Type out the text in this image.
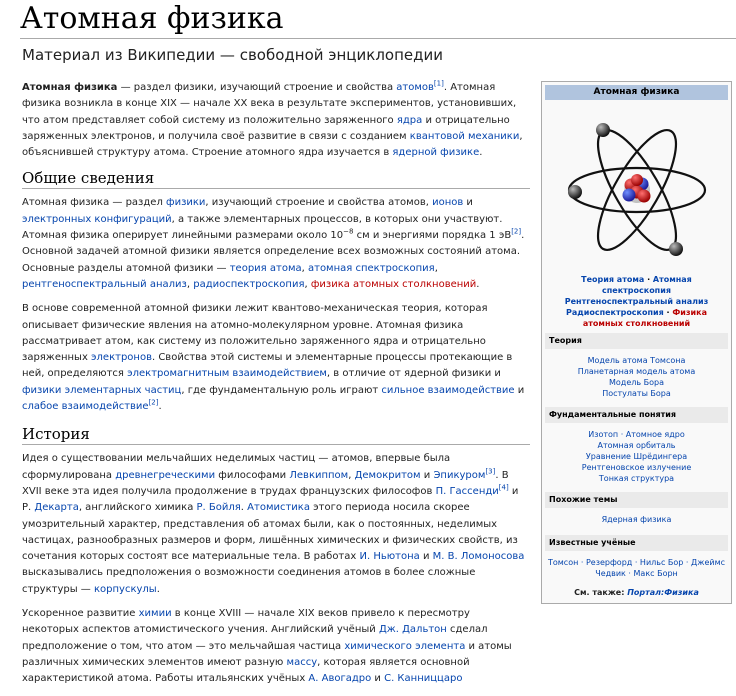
Атомная физика
Материал из Википедии — свободной энциклопедии

Атомная физика — раздел физики, изучающий строение и свойства атомов[1]. Атомная физика возникла в конце XIX — начале XX века в результате экспериментов, установивших, что атом представляет собой систему из положительно заряженного ядра и отрицательно заряженных электронов, и получила своё развитие в связи с созданием квантовой механики, объяснившей структуру атома. Строение атомного ядра изучается в ядерной физике.

Общие сведения

Атомная физика — раздел физики, изучающий строение и свойства атомов, ионов и электронных конфигураций, а также элементарных процессов, в которых они участвуют. Атомная физика оперирует линейными размерами около $10^{-8}$ см и энергиями порядка 1 эВ[2]. Основной задачей атомной физики является определение всех возможных состояний атома. Основные разделы атомной физики — теория атома, атомная спектроскопия, рентгеноспектральный анализ, радиоспектроскопия, физика атомных столкновений.

В основе современной атомной физики лежит квантово-механическая теория, которая описывает физические явления на атомно-молекулярном уровне. Атомная физика рассматривает атом, как систему из положительно заряженного ядра и отрицательно заряженных электронов. Свойства этой системы и элементарные процессы протекающие в ней, определяются электромагнитным взаимодействием, в отличие от ядерной физики и физики элементарных частиц, где фундаментальную роль играют сильное взаимодействие и слабое взаимодействие[2].

История

Идея о существовании мельчайших неделимых частиц — атомов, впервые была сформулирована древнегреческими философами Левкиппом, Демокритом и Эпикуром[3]. В XVII веке эта идея получила продолжение в трудах французских философов П. Гассенди[4] и Р. Декарта, английского химика Р. Бойля. Атомистика этого периода носила скорее умозрительный характер, представления об атомах были, как о постоянных, неделимых частицах, разнообразных размеров и форм, лишённых химических и физических свойств, из сочетания которых состоят все материальные тела. В работах И. Ньютона и М. В. Ломоносова высказывались предположения о возможности соединения атомов в более сложные структуры — корпускулы.

Ускоренное развитие химии в конце XVIII — начале XIX веков привело к пересмотру некоторых аспектов атомистического учения. Английский учёный Дж. Дальтон сделал предположение о том, что атом — это мельчайшая частица химического элемента и атомы различных химических элементов имеют разную массу, которая является основной характеристикой атома. Работы итальянских учёных А. Авогадро и С. Канниццаро

Атомная физика
Теория атома · Атомная спектроскопия
Рентгеноспектральный анализ
Радиоспектроскопия · Физика атомных столкновений
Теория
Модель атома Томсона
Планетарная модель атома
Модель Бора
Постулаты Бора
Фундаментальные понятия
Изотоп · Атомное ядро
Атомная орбиталь
Уравнение Шрёдингера
Рентгеновское излучение
Тонкая структура
Похожие темы
Ядерная физика
Известные учёные
Томсон · Резерфорд · Нильс Бор · Джеймс
Чедвик · Макс Борн
См. также: Портал:Физика
